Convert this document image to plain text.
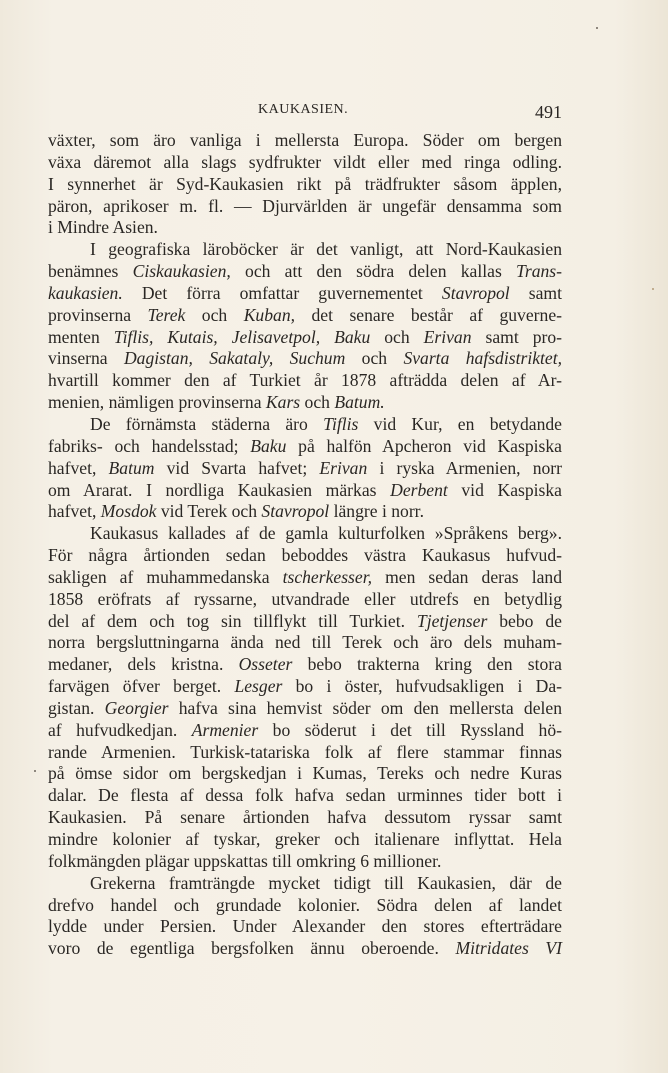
KAUKASIEN.	491
växter, som äro vanliga i mellersta Europa. Söder om bergen
växa däremot alla slags sydfrukter vildt eller med ringa odling.
I synnerhet är Syd-Kaukasien rikt på trädfrukter såsom äpplen,
päron, aprikoser m. fl. — Djurvärlden är ungefär densamma som
i Mindre Asien.
I geografiska läroböcker är det vanligt, att Nord-Kaukasien
benämnes Ciskaukasien, och att den södra delen kallas Trans-
kaukasien. Det förra omfattar guvernementet Stavropol samt
provinserna Terek och Kuban, det senare består af guverne-
menten Tiflis, Kutais, Jelisavetpol, Baku och Erivan samt pro-
vinserna Dagistan, Sakataly, Suchum och Svarta hafsdistriktet,
hvartill kommer den af Turkiet år 1878 afträdda delen af Ar-
menien, nämligen provinserna Kars och Batum.
De förnämsta städerna äro Tiflis vid Kur, en betydande
fabriks- och handelsstad; Baku på halfön Apcheron vid Kaspiska
hafvet, Batum vid Svarta hafvet; Erivan i ryska Armenien, norr
om Ararat. I nordliga Kaukasien märkas Derbent vid Kaspiska
hafvet, Mosdok vid Terek och Stavropol längre i norr.
Kaukasus kallades af de gamla kulturfolken »Språkens berg».
För några årtionden sedan beboddes västra Kaukasus hufvud-
sakligen af muhammedanska tscherkesser, men sedan deras land
1858 eröfrats af ryssarne, utvandrade eller utdrefs en betydlig
del af dem och tog sin tillflykt till Turkiet. Tjetjenser bebo de
norra bergsluttningarna ända ned till Terek och äro dels muham-
medaner, dels kristna. Osseter bebo trakterna kring den stora
farvägen öfver berget. Lesger bo i öster, hufvudsakligen i Da-
gistan. Georgier hafva sina hemvist söder om den mellersta delen
af hufvudkedjan. Armenier bo söderut i det till Ryssland hö-
rande Armenien. Turkisk-tatariska folk af flere stammar finnas
på ömse sidor om bergskedjan i Kumas, Tereks och nedre Kuras
dalar. De flesta af dessa folk hafva sedan urminnes tider bott i
Kaukasien. På senare årtionden hafva dessutom ryssar samt
mindre kolonier af tyskar, greker och italienare inflyttat. Hela
folkmängden plägar uppskattas till omkring 6 millioner.
Grekerna framträngde mycket tidigt till Kaukasien, där de
drefvo handel och grundade kolonier. Södra delen af landet
lydde under Persien. Under Alexander den stores efterträdare
voro de egentliga bergsfolken ännu oberoende. Mitridates VI
